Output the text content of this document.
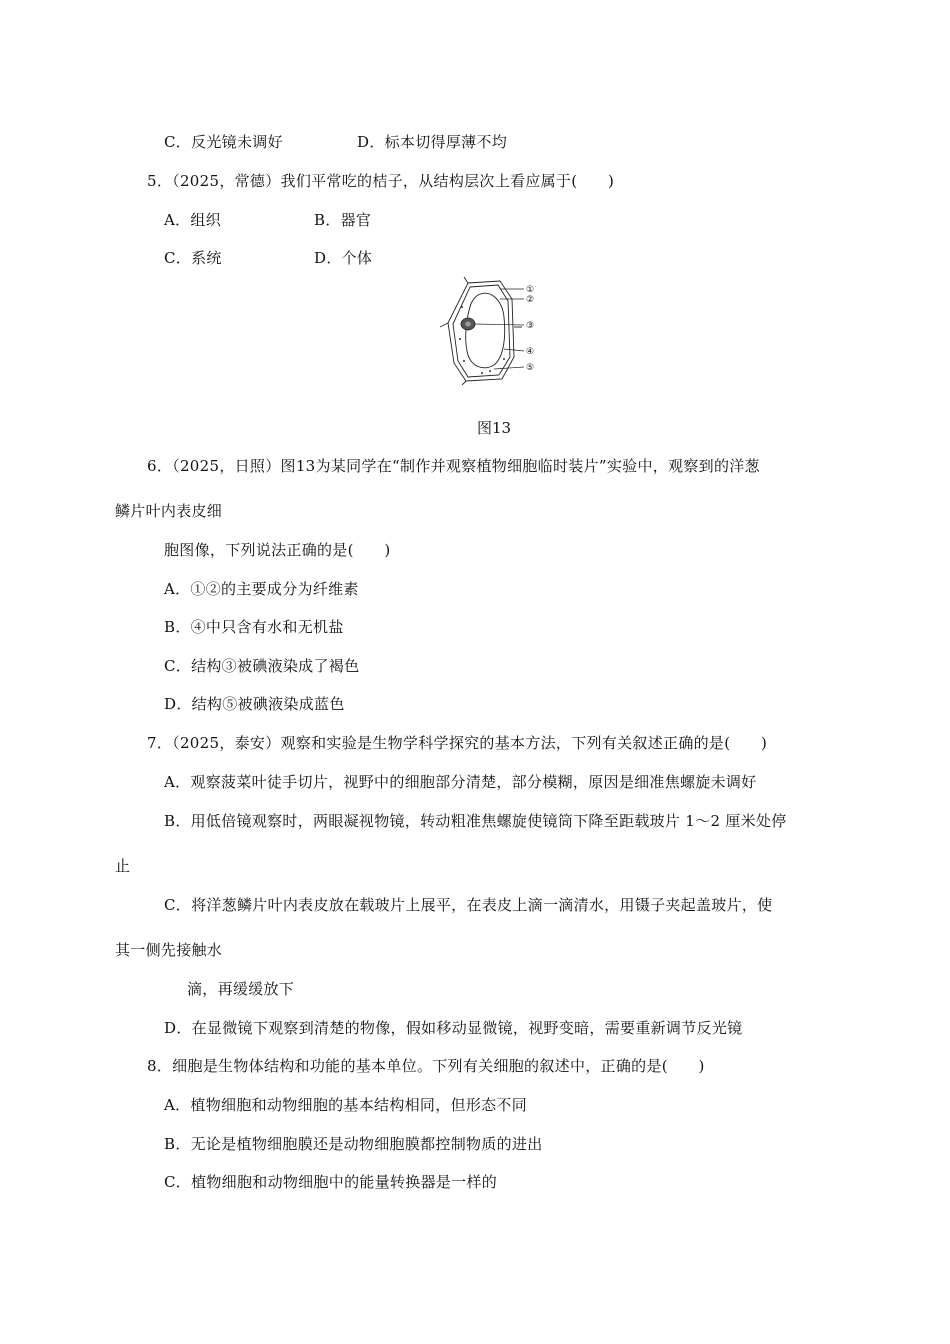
C．反光镜未调好	D．标本切得厚薄不均
5．（2025，常德）我们平常吃的桔子，从结构层次上看应属于(　　)
A．组织	B．器官
C．系统	D．个体
①
②
③
④
⑤
图13
6．（2025，日照）图13为某同学在“制作并观察植物细胞临时装片”实验中，观察到的洋葱
鳞片叶内表皮细
胞图像，下列说法正确的是(　　)
A．①②的主要成分为纤维素
B．④中只含有水和无机盐
C．结构③被碘液染成了褐色
D．结构⑤被碘液染成蓝色
7．（2025，泰安）观察和实验是生物学科学探究的基本方法，下列有关叙述正确的是(　　)
A．观察菠菜叶徒手切片，视野中的细胞部分清楚，部分模糊，原因是细准焦螺旋未调好
B．用低倍镜观察时，两眼凝视物镜，转动粗准焦螺旋使镜筒下降至距载玻片 1～2 厘米处停
止
C．将洋葱鳞片叶内表皮放在载玻片上展平，在表皮上滴一滴清水，用镊子夹起盖玻片，使
其一侧先接触水
滴，再缓缓放下
D．在显微镜下观察到清楚的物像，假如移动显微镜，视野变暗，需要重新调节反光镜
8．细胞是生物体结构和功能的基本单位。下列有关细胞的叙述中，正确的是(　　)
A．植物细胞和动物细胞的基本结构相同，但形态不同
B．无论是植物细胞膜还是动物细胞膜都控制物质的进出
C．植物细胞和动物细胞中的能量转换器是一样的
